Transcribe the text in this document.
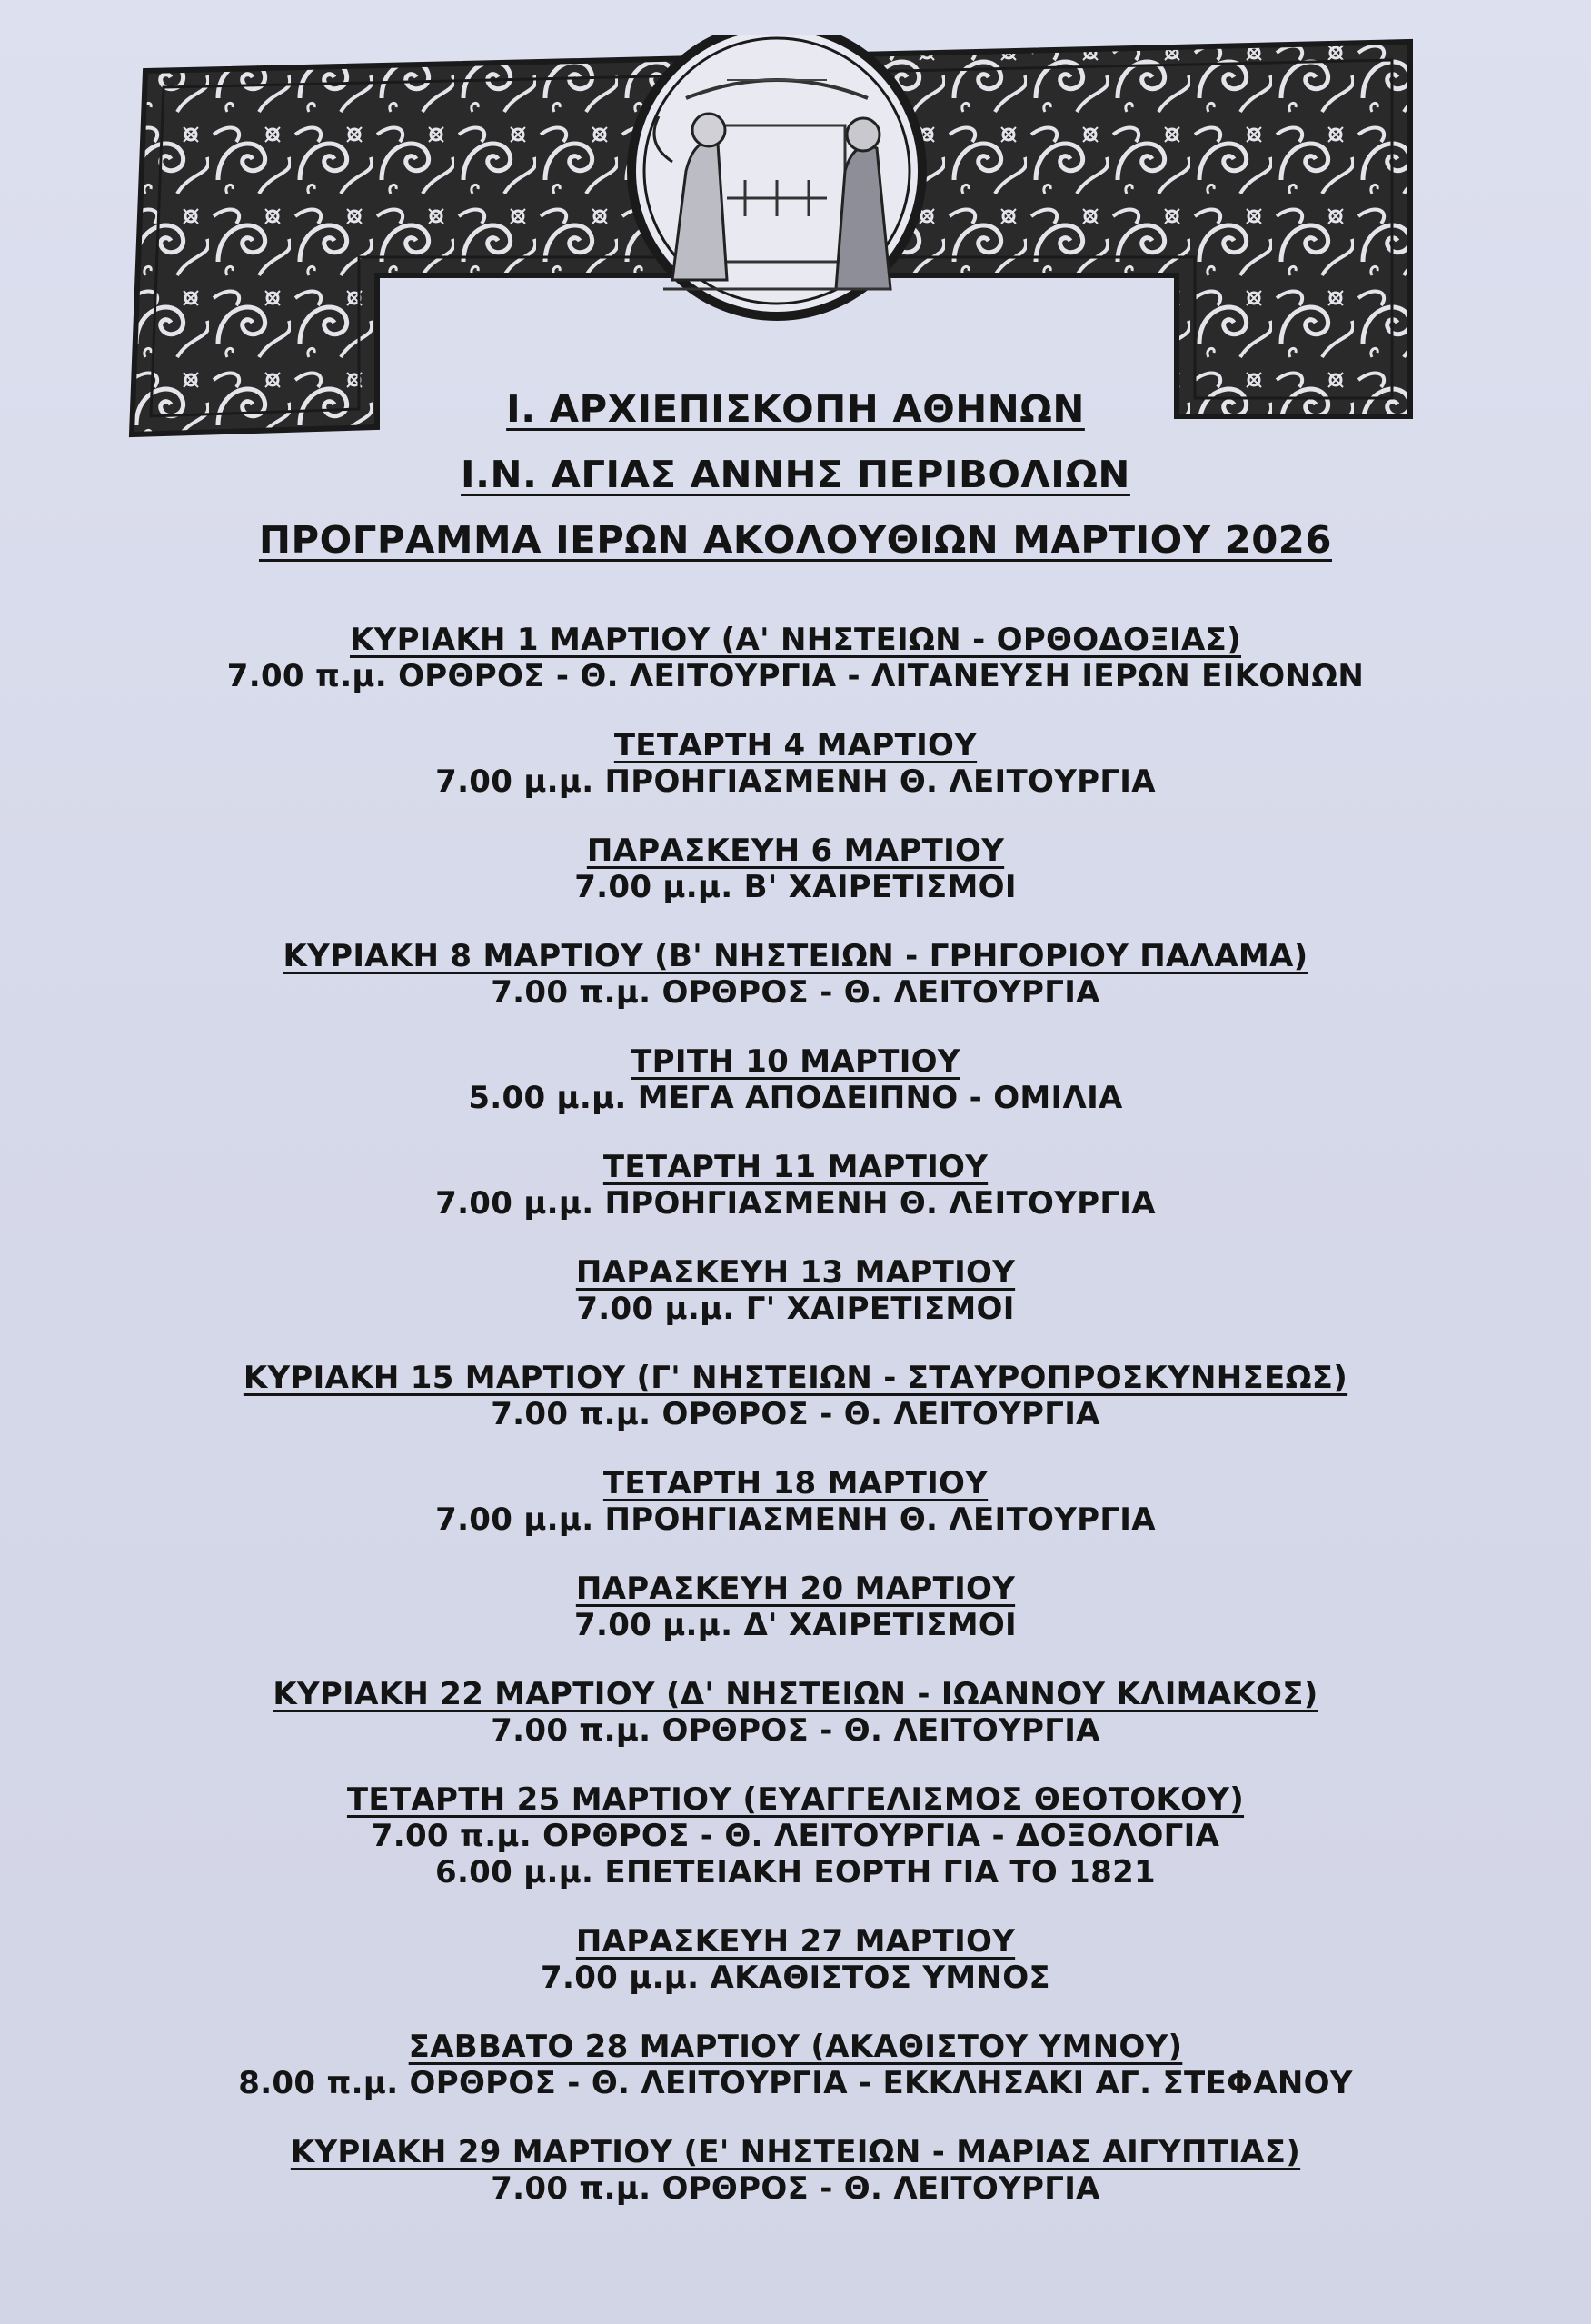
Ι. ΑΡΧΙΕΠΙΣΚΟΠΗ ΑΘΗΝΩΝ
Ι.Ν. ΑΓΙΑΣ ΑΝΝΗΣ ΠΕΡΙΒΟΛΙΩΝ
ΠΡΟΓΡΑΜΜΑ ΙΕΡΩΝ ΑΚΟΛΟΥΘΙΩΝ ΜΑΡΤΙΟΥ 2026
ΚΥΡΙΑΚΗ 1 ΜΑΡΤΙΟΥ (Α' ΝΗΣΤΕΙΩΝ - ΟΡΘΟΔΟΞΙΑΣ)
7.00 π.μ. ΟΡΘΡΟΣ - Θ. ΛΕΙΤΟΥΡΓΙΑ - ΛΙΤΑΝΕΥΣΗ ΙΕΡΩΝ ΕΙΚΟΝΩΝ
ΤΕΤΑΡΤΗ 4 ΜΑΡΤΙΟΥ
7.00 μ.μ. ΠΡΟΗΓΙΑΣΜΕΝΗ Θ. ΛΕΙΤΟΥΡΓΙΑ
ΠΑΡΑΣΚΕΥΗ 6 ΜΑΡΤΙΟΥ
7.00 μ.μ. Β' ΧΑΙΡΕΤΙΣΜΟΙ
ΚΥΡΙΑΚΗ 8 ΜΑΡΤΙΟΥ (Β' ΝΗΣΤΕΙΩΝ - ΓΡΗΓΟΡΙΟΥ ΠΑΛΑΜΑ)
7.00 π.μ. ΟΡΘΡΟΣ - Θ. ΛΕΙΤΟΥΡΓΙΑ
ΤΡΙΤΗ 10 ΜΑΡΤΙΟΥ
5.00 μ.μ. ΜΕΓΑ ΑΠΟΔΕΙΠΝΟ - ΟΜΙΛΙΑ
ΤΕΤΑΡΤΗ 11 ΜΑΡΤΙΟΥ
7.00 μ.μ. ΠΡΟΗΓΙΑΣΜΕΝΗ Θ. ΛΕΙΤΟΥΡΓΙΑ
ΠΑΡΑΣΚΕΥΗ 13 ΜΑΡΤΙΟΥ
7.00 μ.μ. Γ' ΧΑΙΡΕΤΙΣΜΟΙ
ΚΥΡΙΑΚΗ 15 ΜΑΡΤΙΟΥ (Γ' ΝΗΣΤΕΙΩΝ - ΣΤΑΥΡΟΠΡΟΣΚΥΝΗΣΕΩΣ)
7.00 π.μ. ΟΡΘΡΟΣ - Θ. ΛΕΙΤΟΥΡΓΙΑ
ΤΕΤΑΡΤΗ 18 ΜΑΡΤΙΟΥ
7.00 μ.μ. ΠΡΟΗΓΙΑΣΜΕΝΗ Θ. ΛΕΙΤΟΥΡΓΙΑ
ΠΑΡΑΣΚΕΥΗ 20 ΜΑΡΤΙΟΥ
7.00 μ.μ. Δ' ΧΑΙΡΕΤΙΣΜΟΙ
ΚΥΡΙΑΚΗ 22 ΜΑΡΤΙΟΥ (Δ' ΝΗΣΤΕΙΩΝ - ΙΩΑΝΝΟΥ ΚΛΙΜΑΚΟΣ)
7.00 π.μ. ΟΡΘΡΟΣ - Θ. ΛΕΙΤΟΥΡΓΙΑ
ΤΕΤΑΡΤΗ 25 ΜΑΡΤΙΟΥ (ΕΥΑΓΓΕΛΙΣΜΟΣ ΘΕΟΤΟΚΟΥ)
7.00 π.μ. ΟΡΘΡΟΣ - Θ. ΛΕΙΤΟΥΡΓΙΑ - ΔΟΞΟΛΟΓΙΑ
6.00 μ.μ. ΕΠΕΤΕΙΑΚΗ ΕΟΡΤΗ ΓΙΑ ΤΟ 1821
ΠΑΡΑΣΚΕΥΗ 27 ΜΑΡΤΙΟΥ
7.00 μ.μ. ΑΚΑΘΙΣΤΟΣ ΥΜΝΟΣ
ΣΑΒΒΑΤΟ 28 ΜΑΡΤΙΟΥ (ΑΚΑΘΙΣΤΟΥ ΥΜΝΟΥ)
8.00 π.μ. ΟΡΘΡΟΣ - Θ. ΛΕΙΤΟΥΡΓΙΑ - ΕΚΚΛΗΣΑΚΙ ΑΓ. ΣΤΕΦΑΝΟΥ
ΚΥΡΙΑΚΗ 29 ΜΑΡΤΙΟΥ (Ε' ΝΗΣΤΕΙΩΝ - ΜΑΡΙΑΣ ΑΙΓΥΠΤΙΑΣ)
7.00 π.μ. ΟΡΘΡΟΣ - Θ. ΛΕΙΤΟΥΡΓΙΑ
